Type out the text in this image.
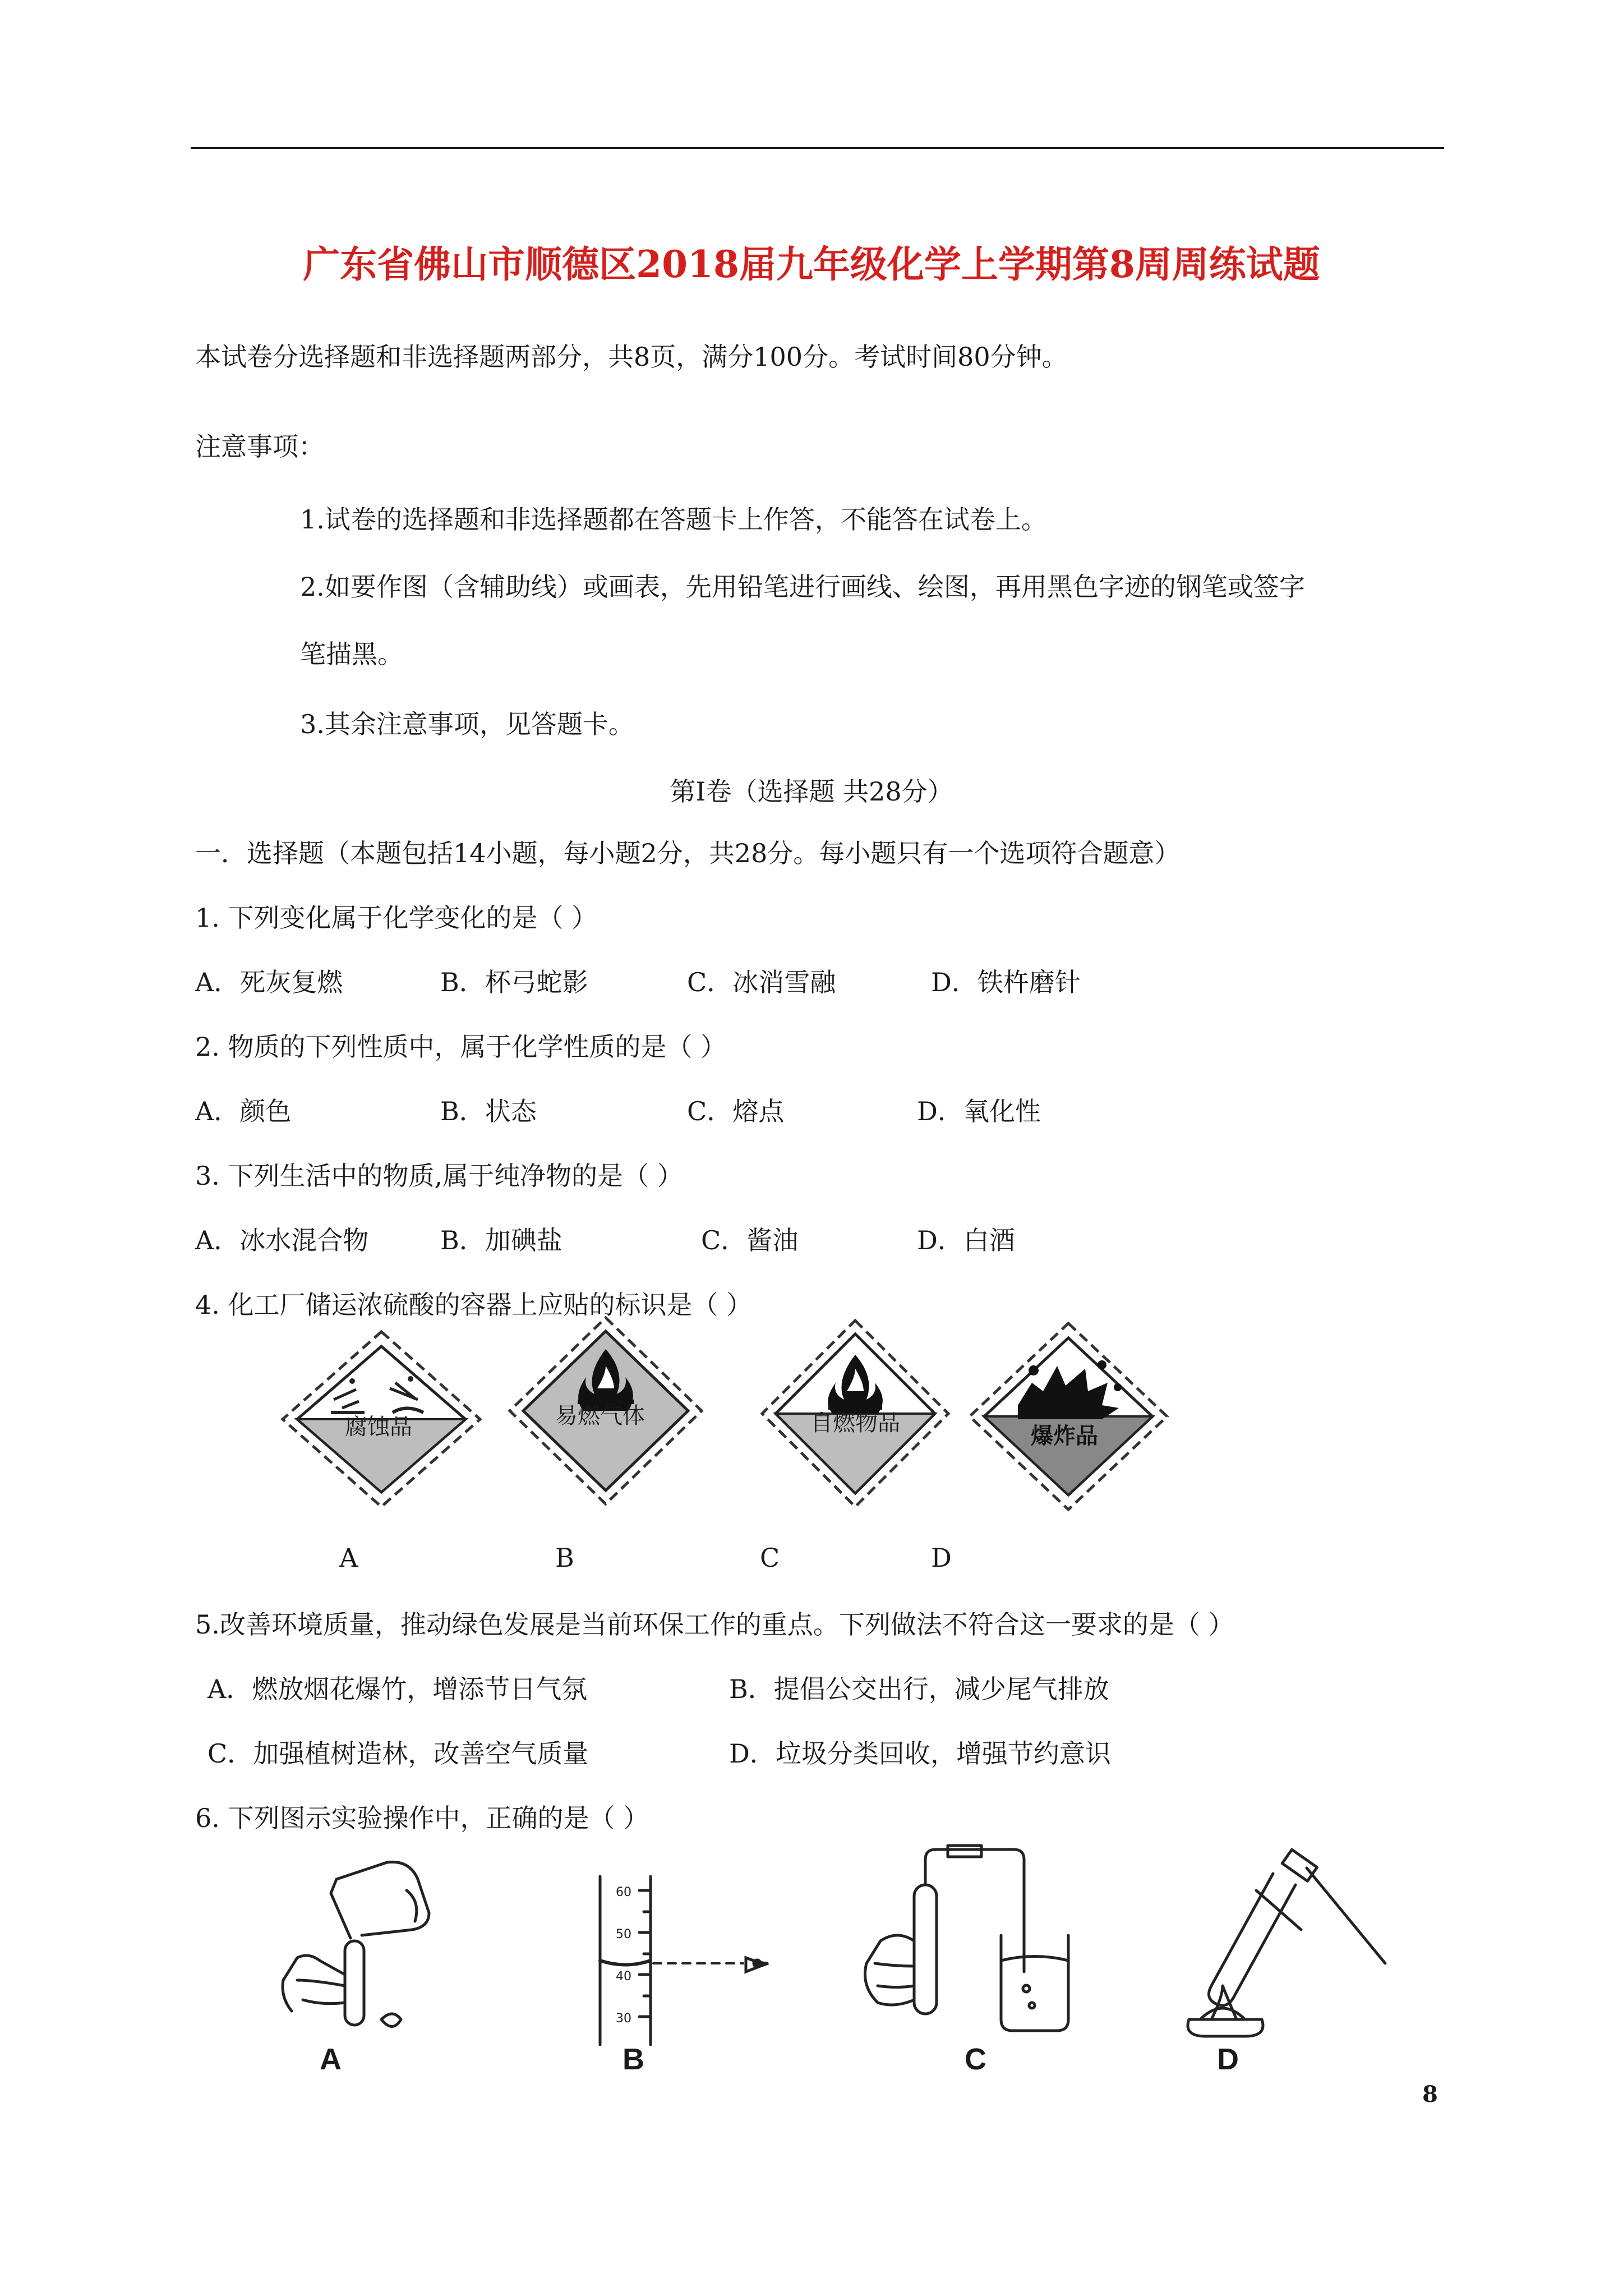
广东省佛山市顺德区2018届九年级化学上学期第8周周练试题
本试卷分选择题和非选择题两部分，共8页，满分100分。考试时间80分钟。
注意事项：
1.试卷的选择题和非选择题都在答题卡上作答，不能答在试卷上。
2.如要作图（含辅助线）或画表，先用铅笔进行画线、绘图，再用黑色字迹的钢笔或签字
笔描黑。
3.其余注意事项，见答题卡。
第Ⅰ卷（选择题 共28分）
一．选择题（本题包括14小题，每小题2分，共28分。每小题只有一个选项符合题意）
1. 下列变化属于化学变化的是（ ）
A．死灰复燃	B．杯弓蛇影	C．冰消雪融	D．铁杵磨针
2. 物质的下列性质中，属于化学性质的是（ ）
A．颜色	B．状态	C．熔点	D．氧化性
3. 下列生活中的物质,属于纯净物的是（ ）
A．冰水混合物	B．加碘盐	C．酱油	D．白酒
4. 化工厂储运浓硫酸的容器上应贴的标识是（ ）
腐蚀品	易燃气体	自燃物品	爆炸品
A	B	C	D
5.改善环境质量，推动绿色发展是当前环保工作的重点。下列做法不符合这一要求的是（ ）
A．燃放烟花爆竹，增添节日气氛	B．提倡公交出行，减少尾气排放
C．加强植树造林，改善空气质量	D．垃圾分类回收，增强节约意识
6. 下列图示实验操作中，正确的是（ ）
A
60
50
40
30
B	C	D
8
